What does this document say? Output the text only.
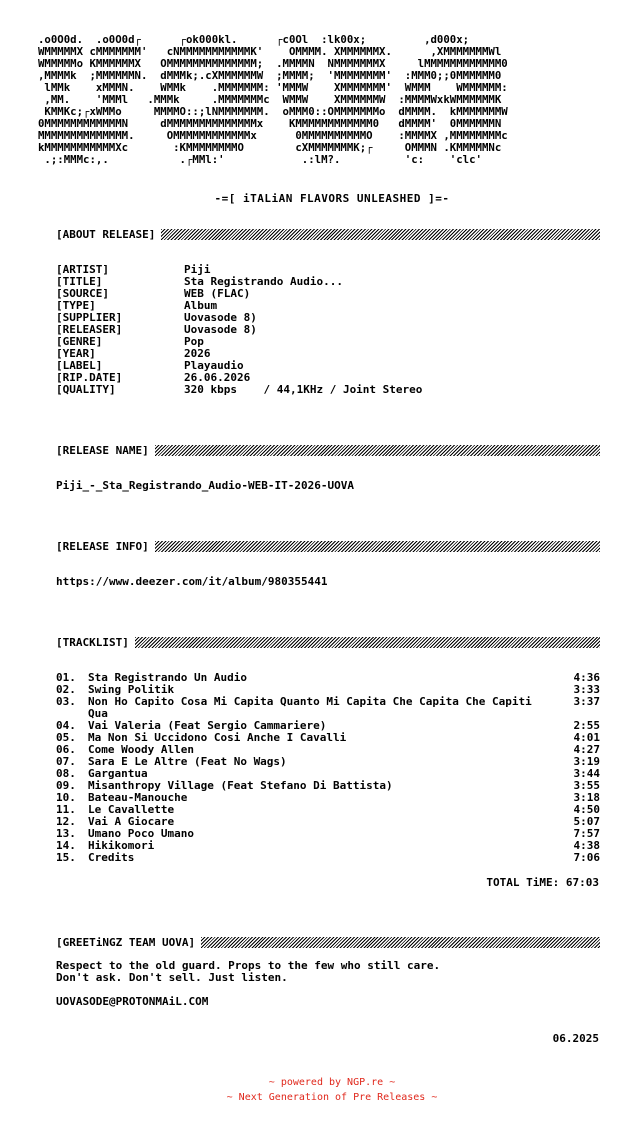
.o0O0d.  .o0O0d┌      ┌ok000kl.      ┌c0Ol  :lk00x;         ,d000x;
WMMMMMX cMMMMMMM'   cNMMMMMMMMMMMK'    OMMMM. XMMMMMMX.      ,XMMMMMMMWl
WMMMMMo KMMMMMMX   OMMMMMMMMMMMMMM;  .MMMMN  NMMMMMMMX     lMMMMMMMMMMMM0
,MMMMk  ;MMMMMMN.  dMMMk;.cXMMMMMMW  ;MMMM;  'MMMMMMMM'  :MMM0;;0MMMMMM0
lMMk    xMMMN.    WMMk    .MMMMMMM: 'MMMW    XMMMMMMM'  WMMM    WMMMMMM:
,MM.    'MMMl   .MMMk     .MMMMMMMc  WMMW    XMMMMMMW  :MMMMWxkWMMMMMMK
KMMKc;┌xWMMo     MMMMO::;lNMMMMMMM.  oMMM0::OMMMMMMMo  dMMMM.  kMMMMMMMW
0MMMMMMMMMMMMN     dMMMMMMMMMMMMMMx    KMMMMMMMMMMMM0   dMMMM'  0MMMMMMN
MMMMMMMMMMMMMM.     OMMMMMMMMMMMMx      0MMMMMMMMMMO    :MMMMX ,MMMMMMMMc
kMMMMMMMMMMMXc       :KMMMMMMMMO        cXMMMMMMMK;┌     OMMMN .KMMMMMNc
.;:MMMc:,.           .┌MMl:'            .:lM?.          'c:    'clc'
-=[ iTALiAN FLAVORS UNLEASHED ]=-
[ABOUT RELEASE]
[ARTIST]	Piji
[TITLE]	Sta Registrando Audio...
[SOURCE]	WEB (FLAC)
[TYPE]	Album
[SUPPLIER]	Uovasode 8)
[RELEASER]	Uovasode 8)
[GENRE]	Pop
[YEAR]	2026
[LABEL]	Playaudio
[RIP.DATE]	26.06.2026
[QUALITY]	320 kbps    / 44,1KHz / Joint Stereo
[RELEASE NAME]
Piji_-_Sta_Registrando_Audio-WEB-IT-2026-UOVA
[RELEASE INFO]
https://www.deezer.com/it/album/980355441
[TRACKLIST]
01.	Sta Registrando Un Audio	4:36
02.	Swing Politik	3:33
03.	Non Ho Capito Cosa Mi Capita Quanto Mi Capita Che Capita Che Capiti Qua
3:37
04.	Vai Valeria (Feat Sergio Cammariere)	2:55
05.	Ma Non Si Uccidono Cosi Anche I Cavalli	4:01
06.	Come Woody Allen	4:27
07.	Sara E Le Altre (Feat No Wags)	3:19
08.	Gargantua	3:44
09.	Misanthropy Village (Feat Stefano Di Battista)	3:55
10.	Bateau-Manouche	3:18
11.	Le Cavallette	4:50
12.	Vai A Giocare	5:07
13.	Umano Poco Umano	7:57
14.	Hikikomori	4:38
15.	Credits	7:06
TOTAL TiME: 67:03
[GREETiNGZ TEAM UOVA]
Respect to the old guard. Props to the few who still care.
Don't ask. Don't sell. Just listen.
UOVASODE@PROTONMAiL.COM
06.2025
~ powered by NGP.re ~
~ Next Generation of Pre Releases ~
